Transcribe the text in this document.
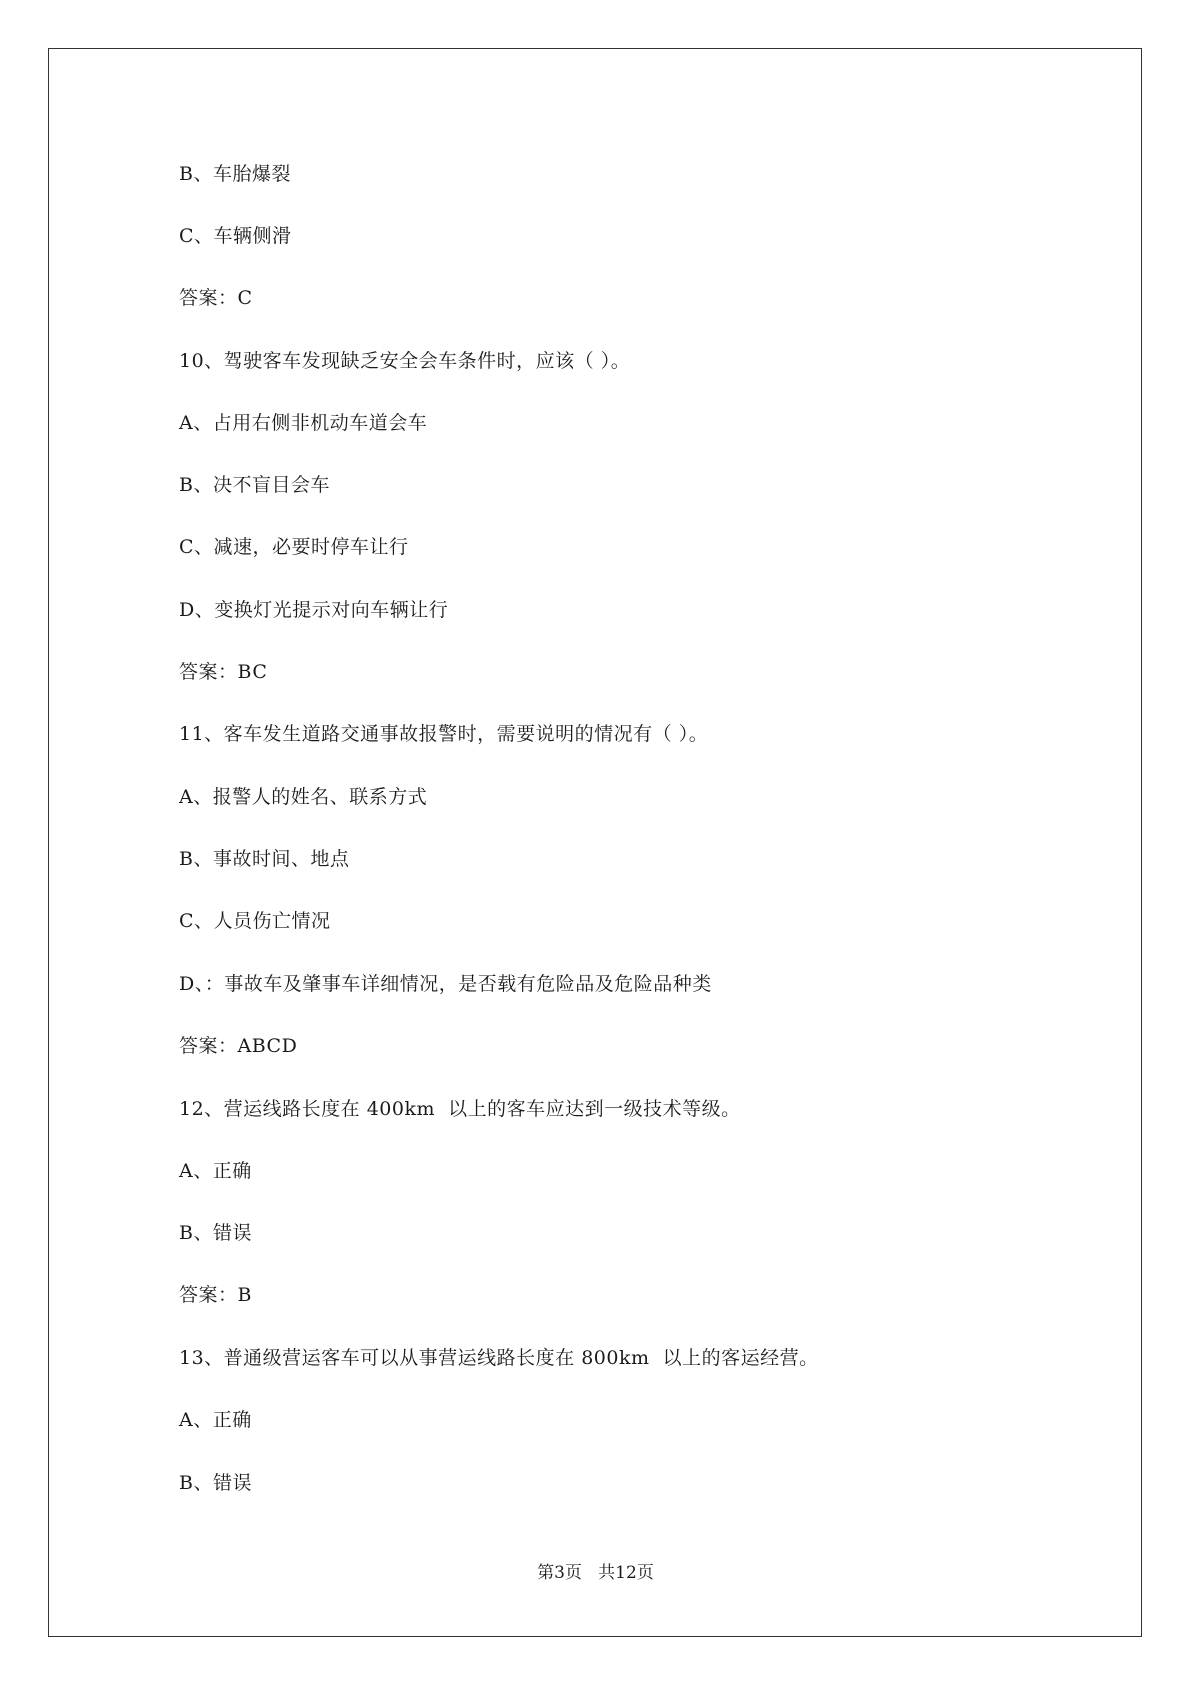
B、车胎爆裂
C、车辆侧滑
答案：C
10、驾驶客车发现缺乏安全会车条件时，应该（ ）。
A、占用右侧非机动车道会车
B、决不盲目会车
C、减速，必要时停车让行
D、变换灯光提示对向车辆让行
答案：BC
11、客车发生道路交通事故报警时，需要说明的情况有（ ）。
A、报警人的姓名、联系方式
B、事故时间、地点
C、人员伤亡情况
D、：事故车及肇事车详细情况，是否载有危险品及危险品种类
答案：ABCD
12、营运线路长度在 400km  以上的客车应达到一级技术等级。
A、正确
B、错误
答案：B
13、普通级营运客车可以从事营运线路长度在 800km  以上的客运经营。
A、正确
B、错误
第3页   共12页
